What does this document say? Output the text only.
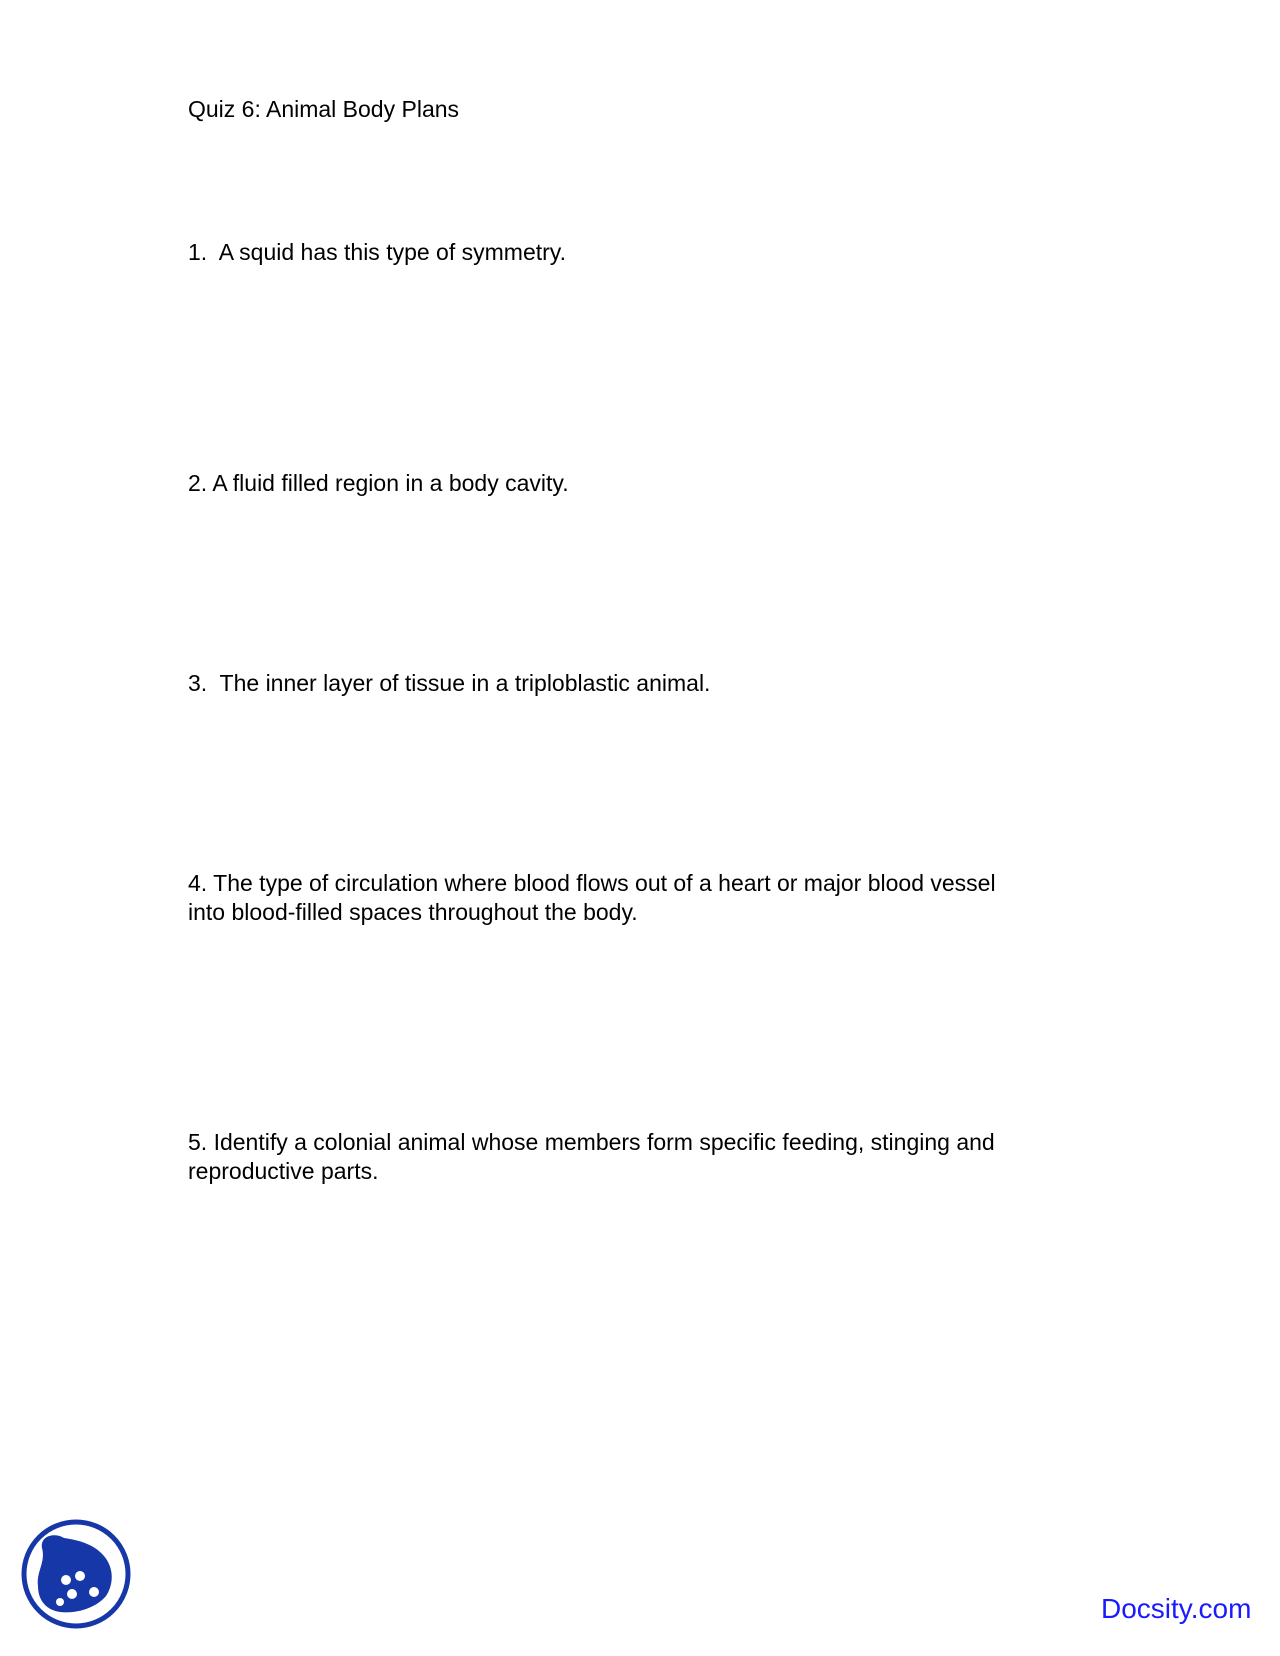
Quiz 6: Animal Body Plans
1.  A squid has this type of symmetry.
2. A fluid filled region in a body cavity.
3.  The inner layer of tissue in a triploblastic animal.
4. The type of circulation where blood flows out of a heart or major blood vessel
into blood-filled spaces throughout the body.
5. Identify a colonial animal whose members form specific feeding, stinging and
reproductive parts.
Docsity.com
